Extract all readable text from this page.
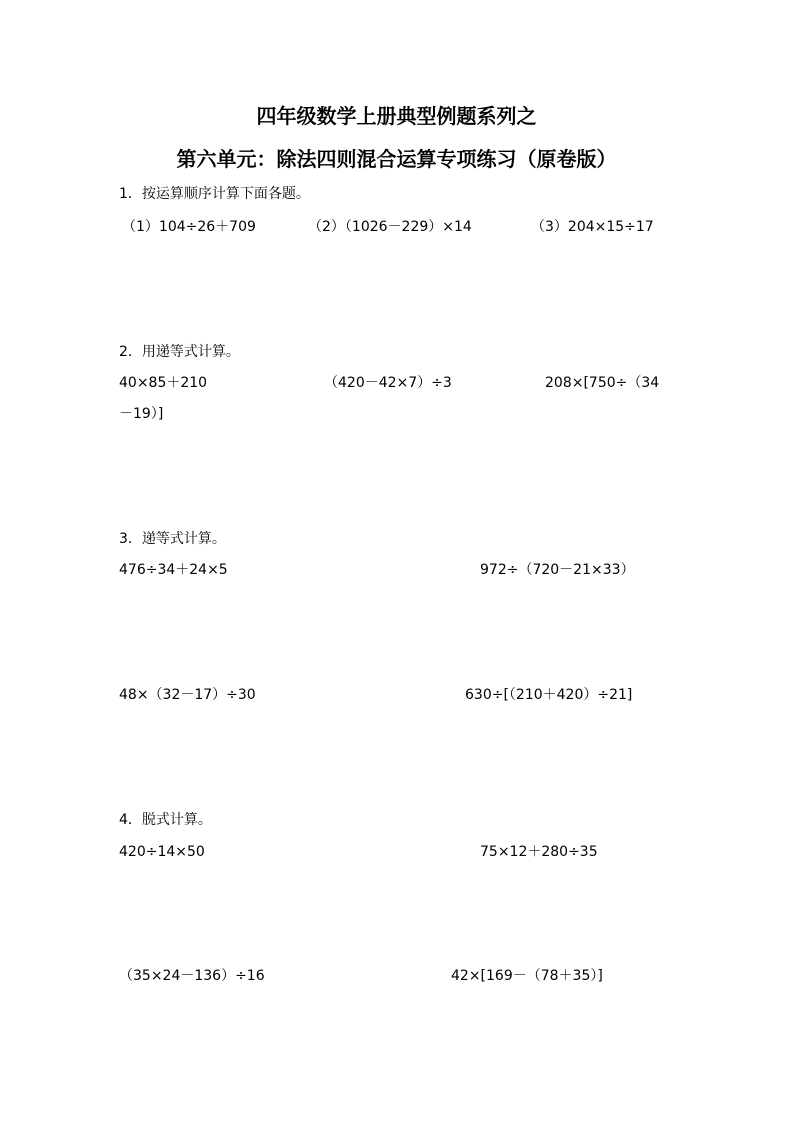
四年级数学上册典型例题系列之
第六单元：除法四则混合运算专项练习（原卷版）
1．按运算顺序计算下面各题。
（1）104÷26＋709	（2）（1026－229）×14	（3）204×15÷17
2．用递等式计算。
40×85＋210	（420－42×7）÷3	208×[750÷（34
－19）]
3．递等式计算。
476÷34＋24×5	972÷（720－21×33）
48×（32－17）÷30	630÷[（210＋420）÷21]
4．脱式计算。
420÷14×50	75×12＋280÷35
（35×24－136）÷16	42×[169－（78＋35）]
